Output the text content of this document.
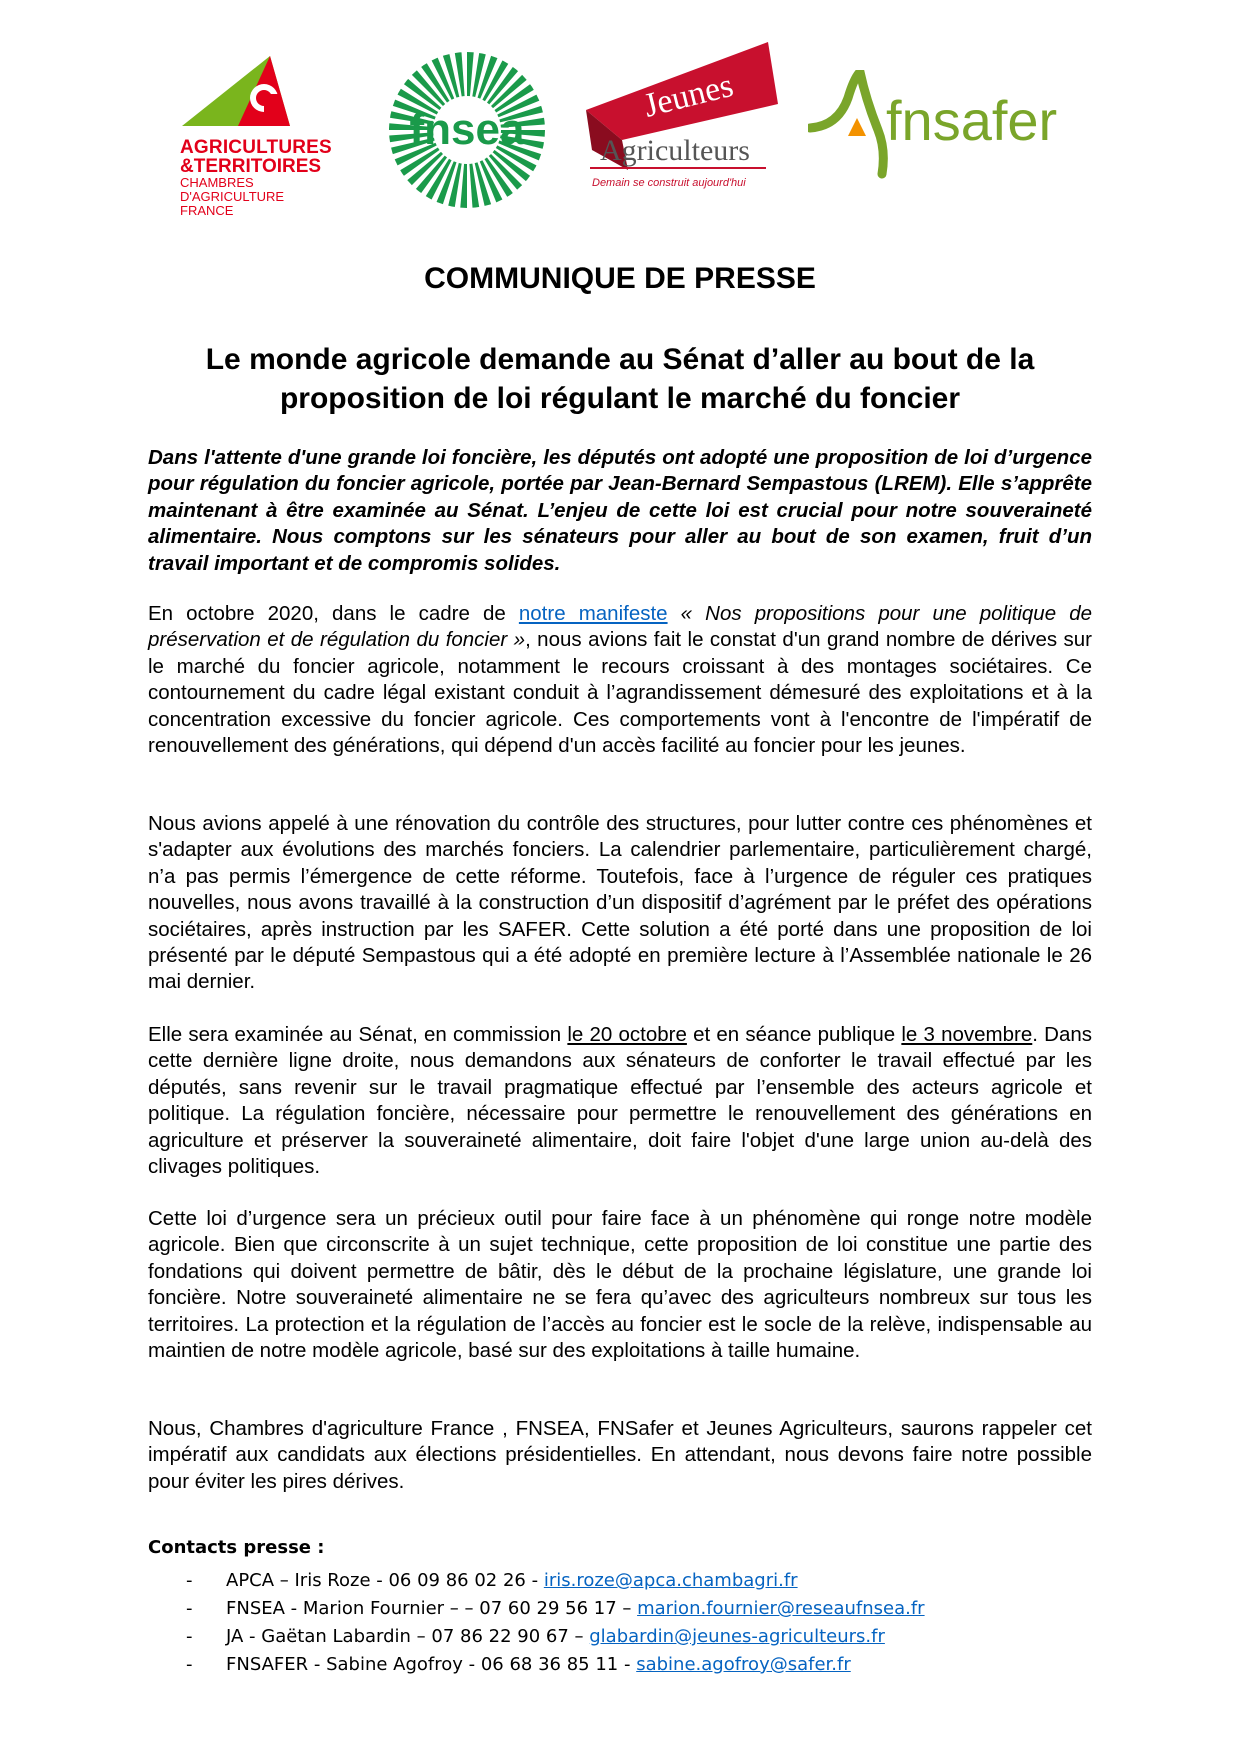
AGRICULTURES
&TERRITOIRES
CHAMBRES D'AGRICULTURE
FRANCE
fnsea
Jeunes
Agriculteurs
Demain se construit aujourd'hui
fnsafer
COMMUNIQUE DE PRESSE
Le monde agricole demande au Sénat d’aller au bout de la proposition de loi régulant le marché du foncier
Dans l'attente d'une grande loi foncière, les députés ont adopté une proposition de loi d’urgence pour régulation du foncier agricole, portée par Jean-Bernard Sempastous (LREM). Elle s’apprête maintenant à être examinée au Sénat. L’enjeu de cette loi est crucial pour notre souveraineté alimentaire. Nous comptons sur les sénateurs pour aller au bout de son examen, fruit d’un travail important et de compromis solides.
En octobre 2020, dans le cadre de notre manifeste « Nos propositions pour une politique de préservation et de régulation du foncier », nous avions fait le constat d'un grand nombre de dérives sur le marché du foncier agricole, notamment le recours croissant à des montages sociétaires. Ce contournement du cadre légal existant conduit à l’agrandissement démesuré des exploitations et à la concentration excessive du foncier agricole. Ces comportements vont à l'encontre de l'impératif de renouvellement des générations, qui dépend d'un accès facilité au foncier pour les jeunes.
Nous avions appelé à une rénovation du contrôle des structures, pour lutter contre ces phénomènes et s'adapter aux évolutions des marchés fonciers. La calendrier parlementaire, particulièrement chargé, n’a pas permis l’émergence de cette réforme. Toutefois, face à l’urgence de réguler ces pratiques nouvelles, nous avons travaillé à la construction d’un dispositif d’agrément par le préfet des opérations sociétaires, après instruction par les SAFER. Cette solution a été porté dans une proposition de loi présenté par le député Sempastous qui a été adopté en première lecture à l’Assemblée nationale le 26 mai dernier.
Elle sera examinée au Sénat, en commission le 20 octobre et en séance publique le 3 novembre. Dans cette dernière ligne droite, nous demandons aux sénateurs de conforter le travail effectué par les députés, sans revenir sur le travail pragmatique effectué par l’ensemble des acteurs agricole et politique. La régulation foncière, nécessaire pour permettre le renouvellement des générations en agriculture et préserver la souveraineté alimentaire, doit faire l'objet d'une large union au-delà des clivages politiques.
Cette loi d’urgence sera un précieux outil pour faire face à un phénomène qui ronge notre modèle agricole. Bien que circonscrite à un sujet technique, cette proposition de loi constitue une partie des fondations qui doivent permettre de bâtir, dès le début de la prochaine législature, une grande loi foncière. Notre souveraineté alimentaire ne se fera qu’avec des agriculteurs nombreux sur tous les territoires. La protection et la régulation de l’accès au foncier est le socle de la relève, indispensable au maintien de notre modèle agricole, basé sur des exploitations à taille humaine.
Nous, Chambres d'agriculture France , FNSEA, FNSafer et Jeunes Agriculteurs, saurons rappeler cet impératif aux candidats aux élections présidentielles. En attendant, nous devons faire notre possible pour éviter les pires dérives.
Contacts presse :
- APCA – Iris Roze - 06 09 86 02 26 - iris.roze@apca.chambagri.fr
- FNSEA - Marion Fournier – – 07 60 29 56 17 – marion.fournier@reseaufnsea.fr
- JA - Gaëtan Labardin – 07 86 22 90 67 – glabardin@jeunes-agriculteurs.fr
- FNSAFER - Sabine Agofroy - 06 68 36 85 11 - sabine.agofroy@safer.fr
